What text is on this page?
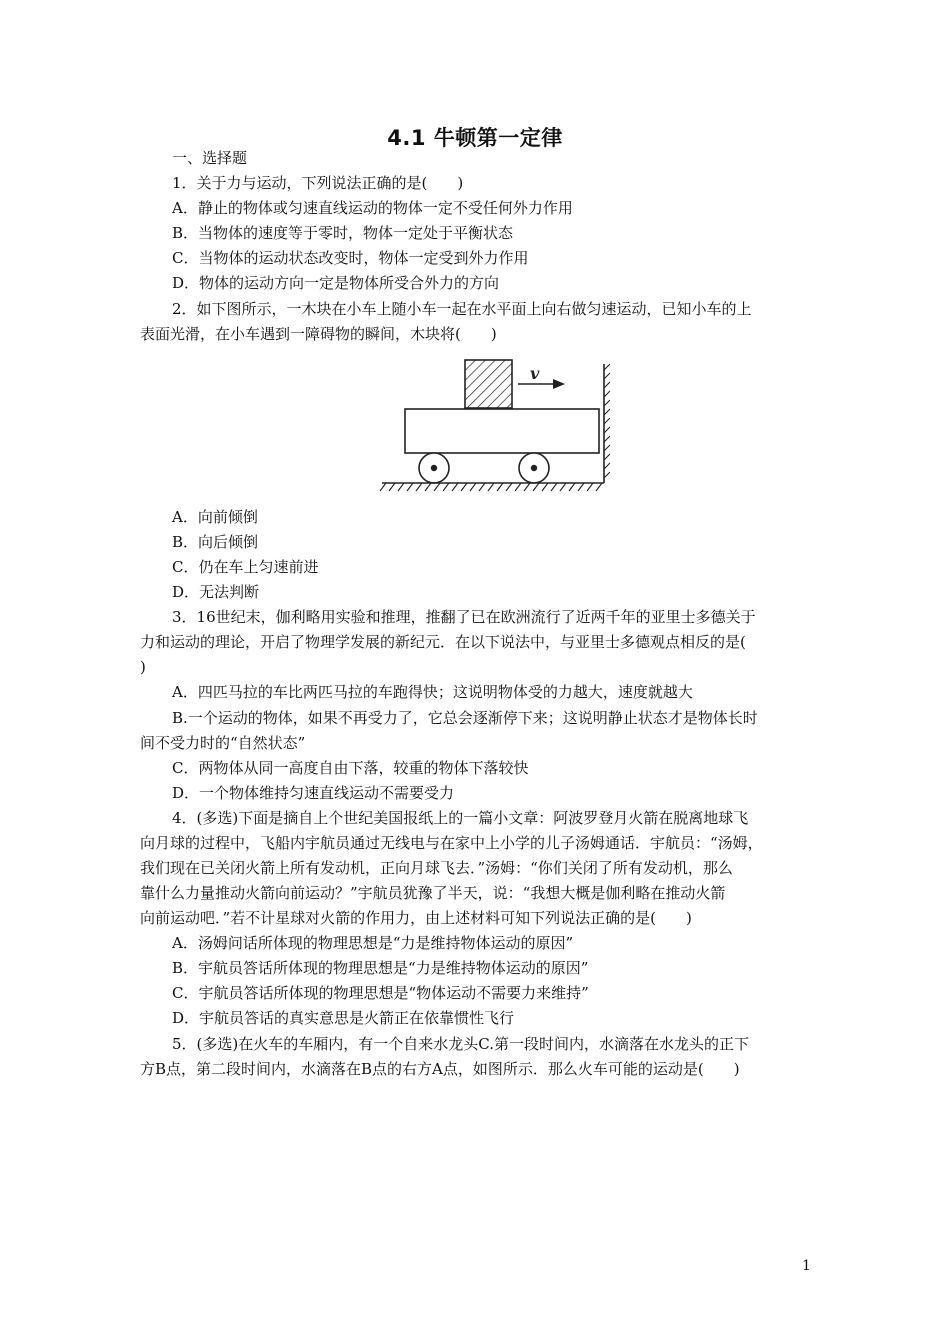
4.1 牛顿第一定律
一、选择题
1．关于力与运动，下列说法正确的是(　　)
A．静止的物体或匀速直线运动的物体一定不受任何外力作用
B．当物体的速度等于零时，物体一定处于平衡状态
C．当物体的运动状态改变时，物体一定受到外力作用
D．物体的运动方向一定是物体所受合外力的方向
2．如下图所示，一木块在小车上随小车一起在水平面上向右做匀速运动，已知小车的上
表面光滑，在小车遇到一障碍物的瞬间，木块将(　　)
v
A．向前倾倒
B．向后倾倒
C．仍在车上匀速前进
D．无法判断
3．16世纪末，伽利略用实验和推理，推翻了已在欧洲流行了近两千年的亚里士多德关于
力和运动的理论，开启了物理学发展的新纪元．在以下说法中，与亚里士多德观点相反的是(
)
A．四匹马拉的车比两匹马拉的车跑得快；这说明物体受的力越大，速度就越大
B.一个运动的物体，如果不再受力了，它总会逐渐停下来；这说明静止状态才是物体长时
间不受力时的“自然状态”
C．两物体从同一高度自由下落，较重的物体下落较快
D．一个物体维持匀速直线运动不需要受力
4．(多选)下面是摘自上个世纪美国报纸上的一篇小文章：阿波罗登月火箭在脱离地球飞
向月球的过程中，飞船内宇航员通过无线电与在家中上小学的儿子汤姆通话．宇航员：“汤姆，
我们现在已关闭火箭上所有发动机，正向月球飞去．”汤姆：“你们关闭了所有发动机，那么
靠什么力量推动火箭向前运动？”宇航员犹豫了半天，说：“我想大概是伽利略在推动火箭
向前运动吧．”若不计星球对火箭的作用力，由上述材料可知下列说法正确的是(　　)
A．汤姆问话所体现的物理思想是“力是维持物体运动的原因”
B．宇航员答话所体现的物理思想是“力是维持物体运动的原因”
C．宇航员答话所体现的物理思想是“物体运动不需要力来维持”
D．宇航员答话的真实意思是火箭正在依靠惯性飞行
5．(多选)在火车的车厢内，有一个自来水龙头C.第一段时间内，水滴落在水龙头的正下
方B点，第二段时间内，水滴落在B点的右方A点，如图所示．那么火车可能的运动是(　　)
1
